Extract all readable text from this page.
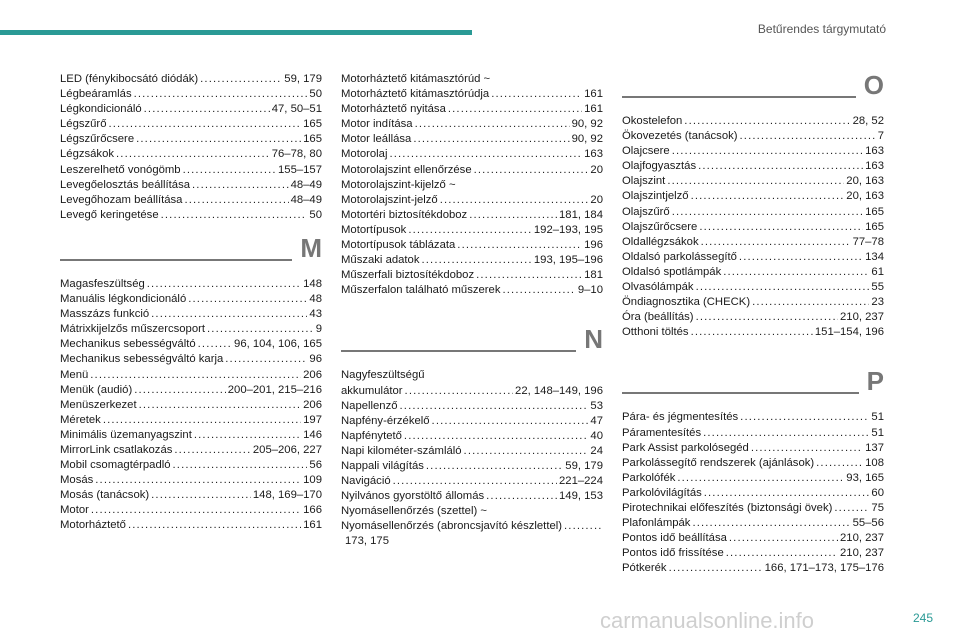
Betűrendes tárgymutató
LED (fénykibocsátó diódák) . . .	59, 179
Légbeáramlás . . .	50
Légkondicionáló . . .	47, 50–51
Légszűrő . . .	165
Légszűrőcsere . . .	165
Légzsákok . . .	76–78, 80
Leszerelhető vonógömb . . .	155–157
Levegőelosztás beállítása . . .	48–49
Levegőhozam beállítása . . .	48–49
Levegő keringetése . . .	50
M
Magasfeszültség . . .	148
Manuális légkondicionáló . . .	48
Masszázs funkció . . .	43
Mátrixkijelzős műszercsoport . . .	9
Mechanikus sebességváltó . . .	96, 104, 106, 165
Mechanikus sebességváltó karja . . .	96
Menü . . .	206
Menük (audió) . . .	200–201, 215–216
Menüszerkezet . . .	206
Méretek . . .	197
Minimális üzemanyagszint . . .	146
MirrorLink csatlakozás . . .	205–206, 227
Mobil csomagtérpadló . . .	56
Mosás . . .	109
Mosás (tanácsok) . . .	148, 169–170
Motor . . .	166
Motorháztető . . .	161
Motorháztető kitámasztórúd ~
Motorháztető kitámasztórúdja . . .	161
Motorháztető nyitása . . .	161
Motor indítása . . .	90, 92
Motor leállása . . .	90, 92
Motorolaj . . .	163
Motorolajszint ellenőrzése . . .	20
Motorolajszint-kijelző ~
Motorolajszint-jelző . . .	20
Motortéri biztosítékdoboz . . .	181, 184
Motortípusok . . .	192–193, 195
Motortípusok táblázata . . .	196
Műszaki adatok . . .	193, 195–196
Műszerfali biztosítékdoboz . . .	181
Műszerfalon található műszerek . . .	9–10
N
Nagyfeszültségű
akkumulátor . . .	22, 148–149, 196
Napellenző . . .	53
Napfény-érzékelő . . .	47
Napfénytető . . .	40
Napi kilométer-számláló . . .	24
Nappali világítás . . .	59, 179
Navigáció . . .	221–224
Nyilvános gyorstöltő állomás . . .	149, 153
Nyomásellenőrzés (szettel) ~
Nyomásellenőrzés (abroncsjavító készlettel)
. . .
173, 175
O
Okostelefon . . .	28, 52
Ökovezetés (tanácsok) . . .	7
Olajcsere . . .	163
Olajfogyasztás . . .	163
Olajszint . . .	20, 163
Olajszintjelző . . .	20, 163
Olajszűrő . . .	165
Olajszűrőcsere . . .	165
Oldallégzsákok . . .	77–78
Oldalsó parkolássegítő . . .	134
Oldalsó spotlámpák . . .	61
Olvasólámpák . . .	55
Öndiagnosztika (CHECK) . . .	23
Óra (beállítás) . . .	210, 237
Otthoni töltés . . .	151–154, 196
P
Pára- és jégmentesítés . . .	51
Páramentesítés . . .	51
Park Assist parkolósegéd . . .	137
Parkolássegítő rendszerek (ajánlások) . . .	108
Parkolófék . . .	93, 165
Parkolóvilágítás . . .	60
Pirotechnikai előfeszítés (biztonsági övek) . . .	75
Plafonlámpák . . .	55–56
Pontos idő beállítása . . .	210, 237
Pontos idő frissítése . . .	210, 237
Pótkerék . . .	166, 171–173, 175–176
carmanualsonline.info	245
